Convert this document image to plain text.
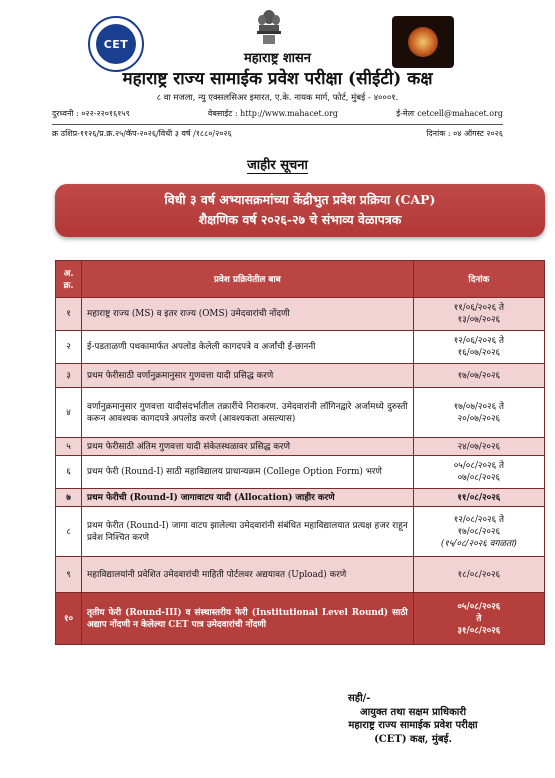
CET
महाराष्ट्र शासन
महाराष्ट्र राज्य सामाईक प्रवेश परीक्षा (सीईटी) कक्ष
८ वा मजला, न्यु एक्सलसिअर इमारत, ए.के. नायक मार्ग, फोर्ट, मुंबई - ४०००१.
दुरध्वनी : ०२२-२२०१६१५९	वेबसाईट : http://www.mahacet.org	ई-मेलः cetcell@mahacet.org
क्र उशिप्र-११२६/प्र.क्र.२५/कॅप-२०२६/विधी ३ वर्ष /१८८०/२०२६	दिनांक : ०४ ऑगस्ट २०२६
जाहीर सूचना
विधी ३ वर्ष अभ्यासक्रमांच्या केंद्रीभुत प्रवेश प्रक्रिया (CAP)
शैक्षणिक वर्ष २०२६-२७ चे संभाव्य वेळापत्रक
अ. क्र.	प्रवेश प्रक्रियेतील बाब	दिनांक
१	महाराष्ट्र राज्य (MS) व इतर राज्य (OMS) उमेदवारांची नोंदणी	११/०६/२०२६ ते
१३/०७/२०२६

२	ई-पडताळणी पथकामार्फत अपलोड केलेली कागदपत्रे व अर्जांची ई-छाननी	१२/०६/२०२६ ते
१६/०७/२०२६

३	प्रथम फेरीसाठी वर्णानुक्रमानुसार गुणवत्ता यादी प्रसिद्ध करणे	१७/०७/२०२६
४	वर्णानुक्रमानुसार गुणवत्ता यादीसंदर्भातील तक्रारींचे निराकरण. उमेदवारांनी लॉगिनद्वारे अर्जामध्ये दुरुस्ती करून आवश्यक कागदपत्रे अपलोड करणे (आवश्यकता असल्यास)	१७/०७/२०२६ ते
२०/०७/२०२६

५	प्रथम फेरीसाठी अंतिम गुणवत्ता यादी संकेतस्थळावर प्रसिद्ध करणे	२४/०७/२०२६
६	प्रथम फेरी (Round-I) साठी महाविद्यालय प्राधान्यक्रम (College Option Form) भरणे	०५/०८/२०२६ ते
०७/०८/२०२६

७	प्रथम फेरीची (Round-I) जागावाटप यादी (Allocation) जाहीर करणे	११/०८/२०२६
८	प्रथम फेरीत (Round-I) जागा वाटप झालेल्या उमेदवारांनी संबंधित महाविद्यालयात प्रत्यक्ष हजर राहून प्रवेश निश्चित करणे	१२/०८/२०२६ ते
१७/०८/२०२६
(१५/०८/२०२६ वगळता)

९	महाविद्यालयांनी प्रवेशित उमेदवारांची माहिती पोर्टलवर अद्ययावत (Upload) करणे	१८/०८/२०२६
१०	तृतीय फेरी (Round-III) व संस्थास्तरीय फेरी (Institutional Level Round) साठी अद्याप नोंदणी न केलेल्या CET पात्र उमेदवारांची नोंदणी	०५/०८/२०२६
ते
३१/०८/२०२६
सही/-
आयुक्त तथा सक्षम प्राधिकारी
महाराष्ट्र राज्य सामाईक प्रवेश परीक्षा
(CET) कक्ष, मुंबई.
